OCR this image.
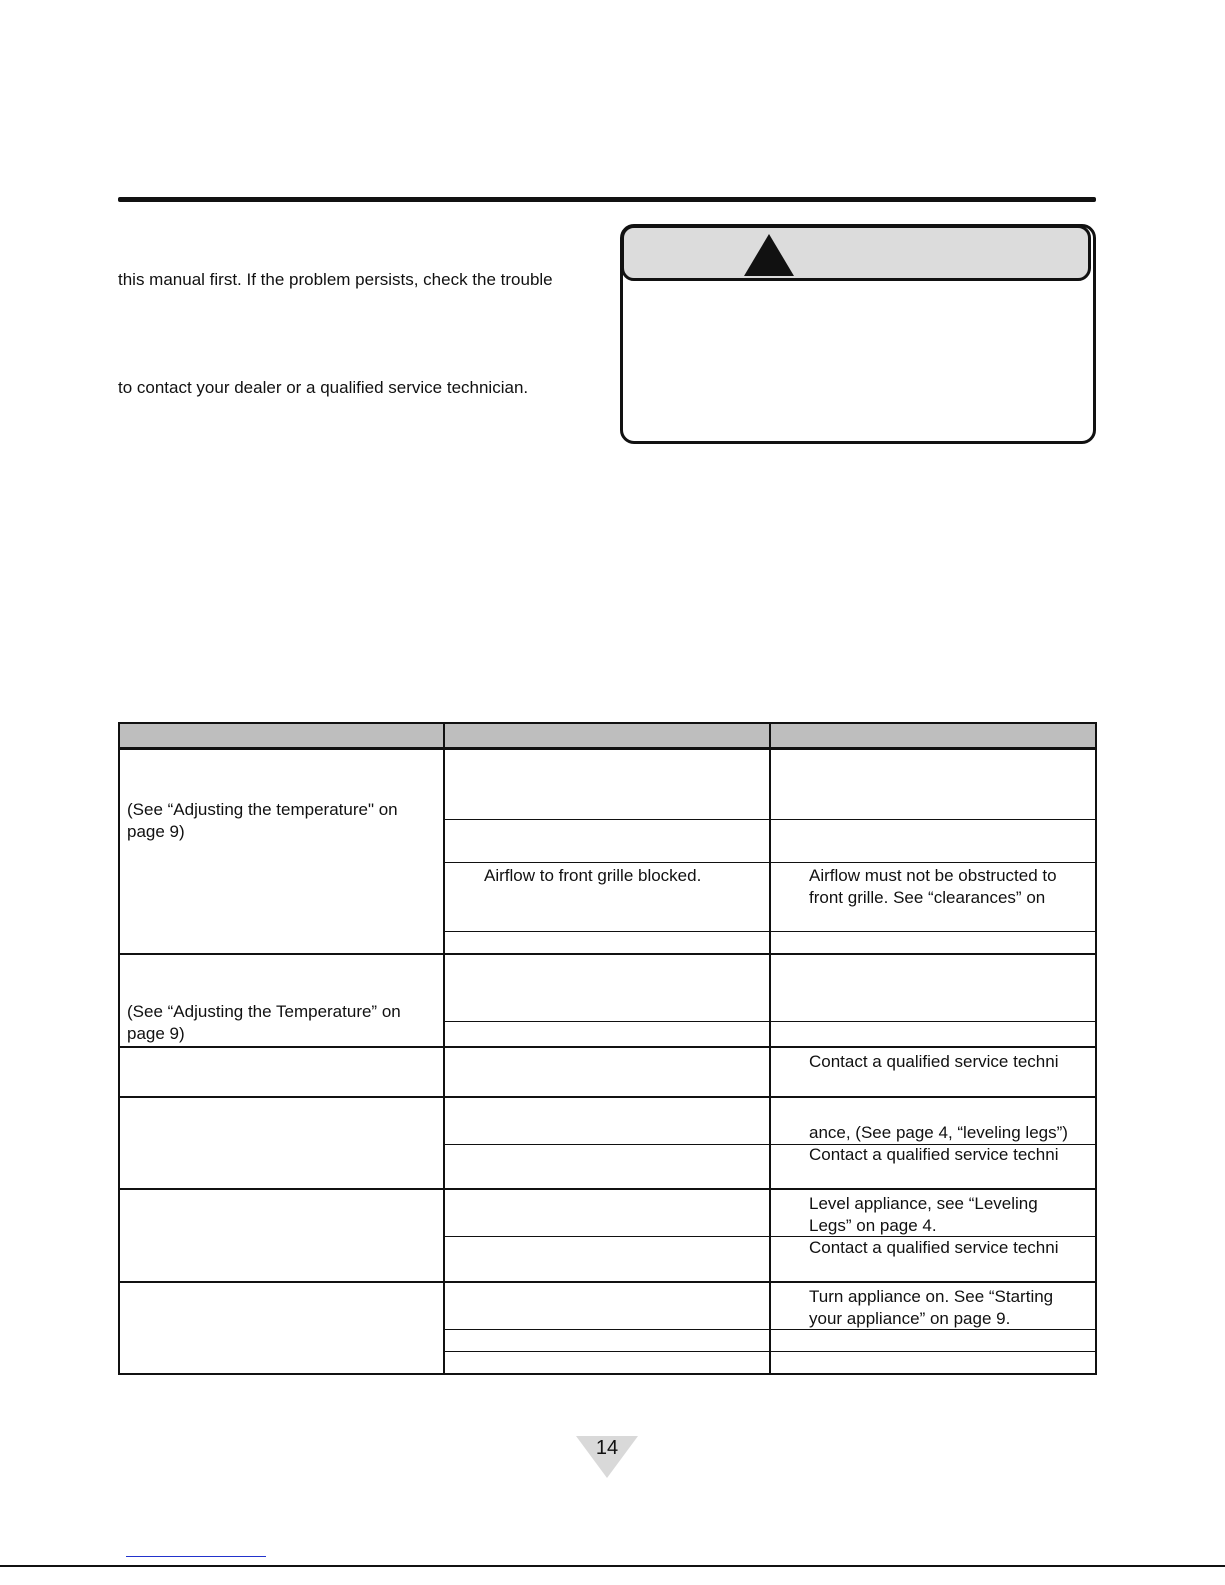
this manual first. If the problem persists, check the trouble
to contact your dealer or a qualified service technician.
(See “Adjusting the temperature" on
page 9)
Airflow to front grille blocked.	Airflow must not be obstructed to
front grille. See “clearances” on
(See “Adjusting the Temperature” on
page 9)
Contact a qualified service techni
ance, (See page 4, “leveling legs”)
Contact a qualified service techni
Level appliance, see “Leveling
Legs” on page 4.
Contact a qualified service techni
Turn appliance on. See “Starting
your appliance” on page 9.
14
